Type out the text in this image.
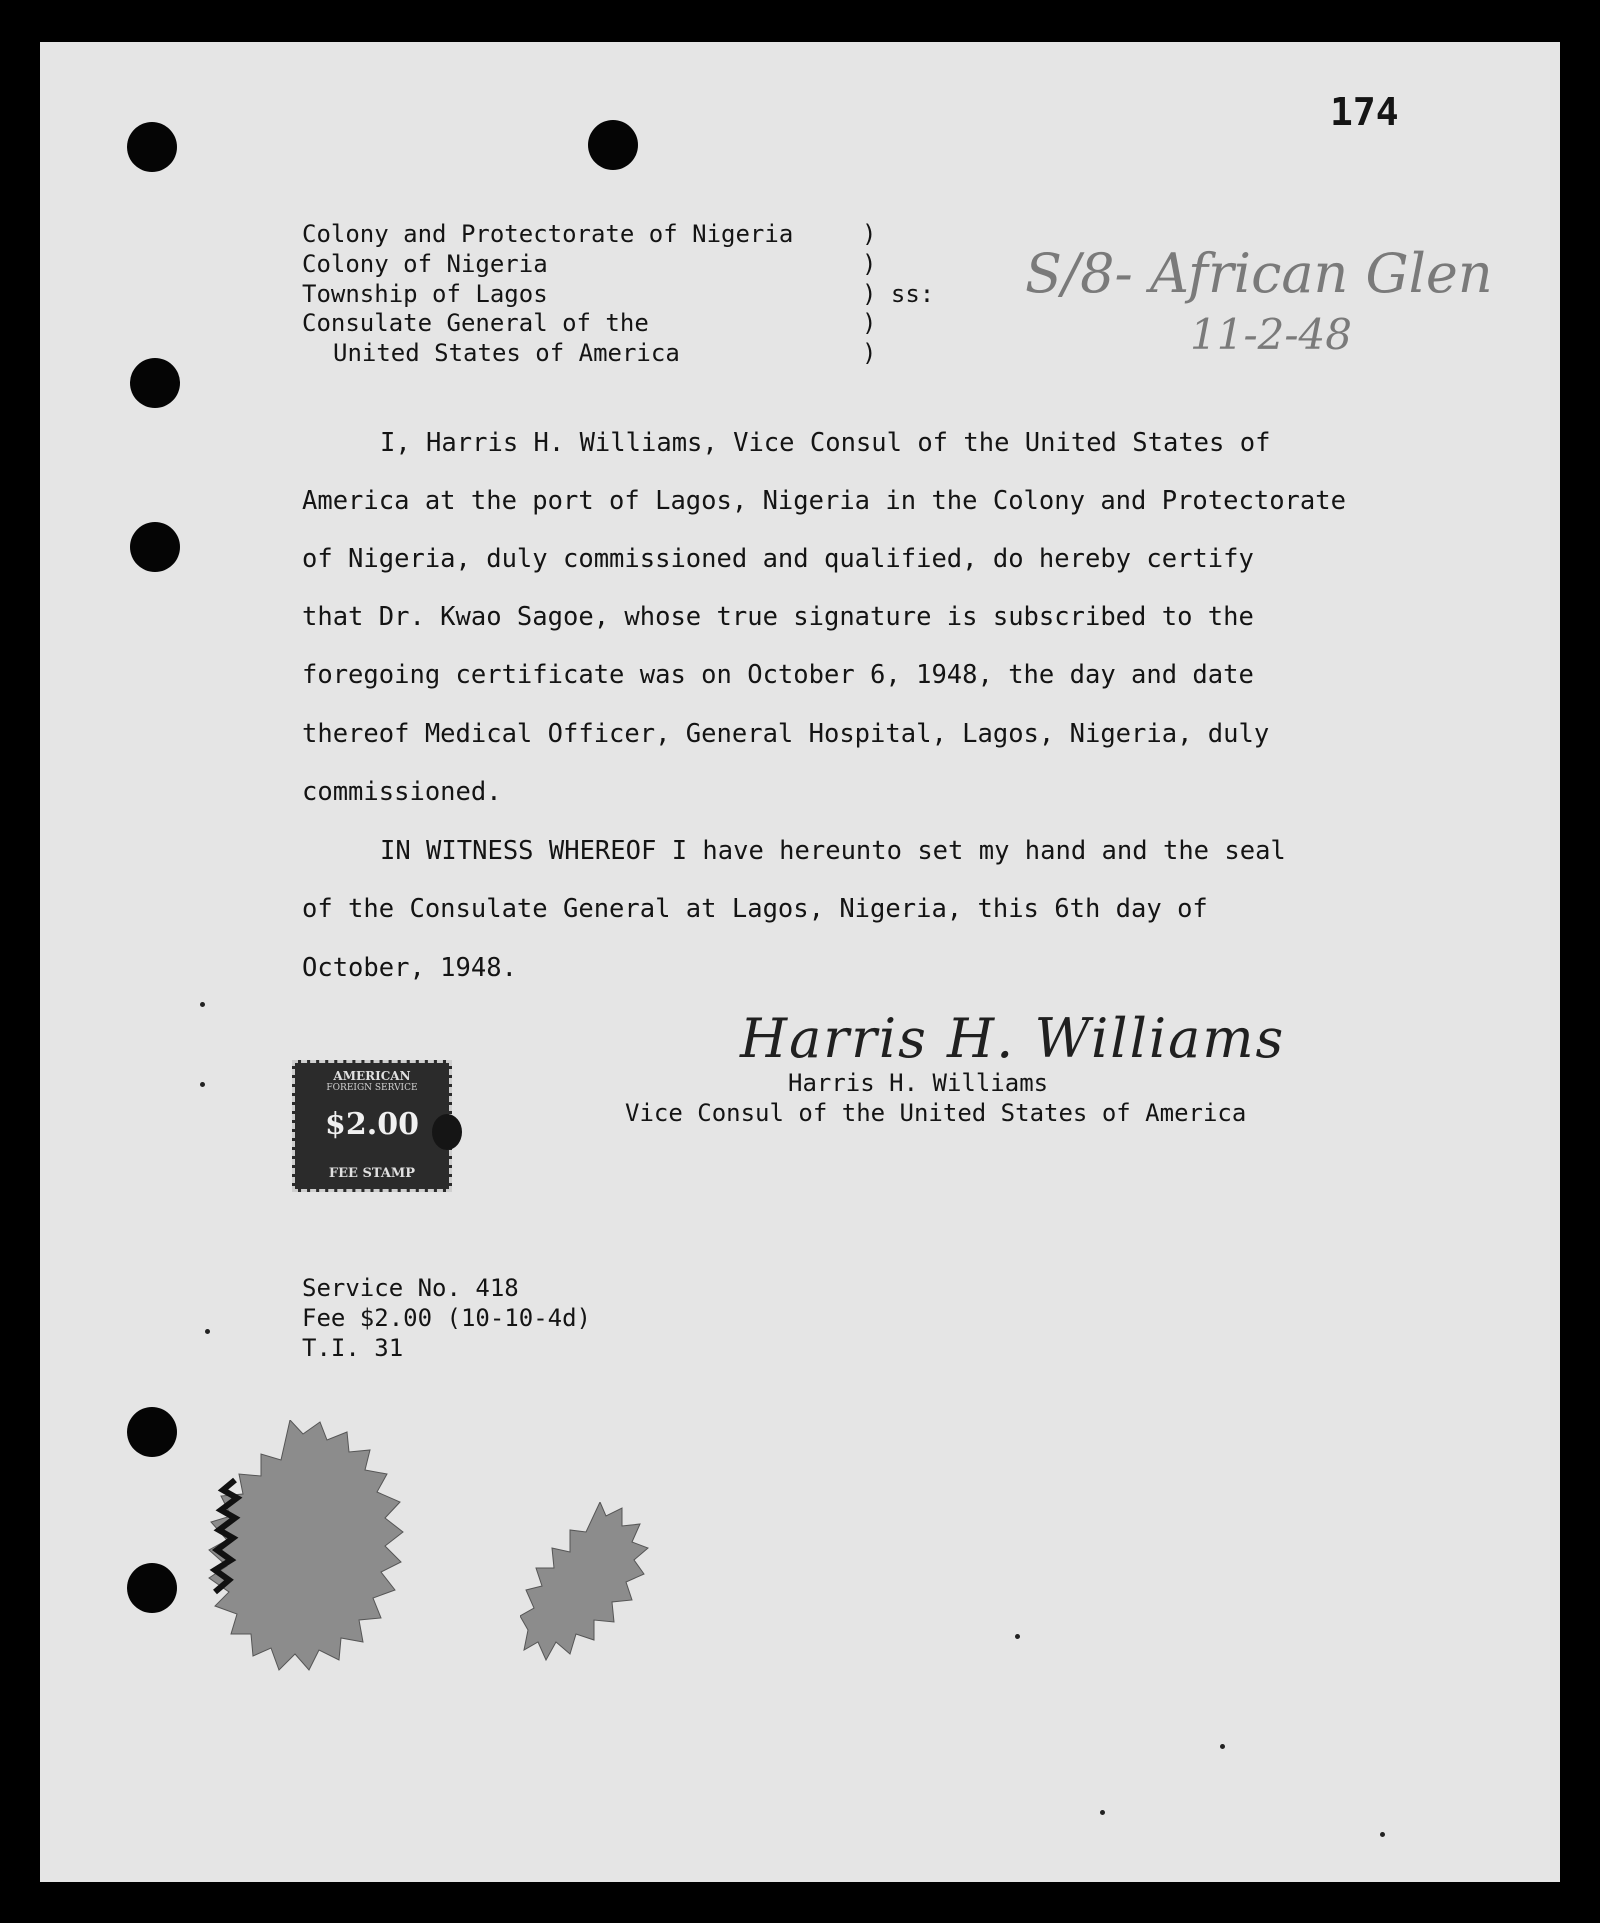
174
Colony and Protectorate of Nigeria
Colony of Nigeria
Township of Lagos
Consulate General of the
United States of America
)
)
) ss:
)
)
S/8- African Glen
11-2-48
I, Harris H. Williams, Vice Consul of the United States of
America at the port of Lagos, Nigeria in the Colony and Protectorate
of Nigeria, duly commissioned and qualified, do hereby certify
that Dr. Kwao Sagoe, whose true signature is subscribed to the
foregoing certificate was on October 6, 1948, the day and date
thereof Medical Officer, General Hospital, Lagos, Nigeria, duly
commissioned.
IN WITNESS WHEREOF I have hereunto set my hand and the seal
of the Consulate General at Lagos, Nigeria, this 6th day of
October, 1948.
Harris H. Williams
Harris H. Williams
Vice Consul of the United States of America
AMERICAN
FOREIGN SERVICE
$2.00
FEE STAMP
Service No. 418
Fee $2.00 (10-10-4d)
T.I. 31
